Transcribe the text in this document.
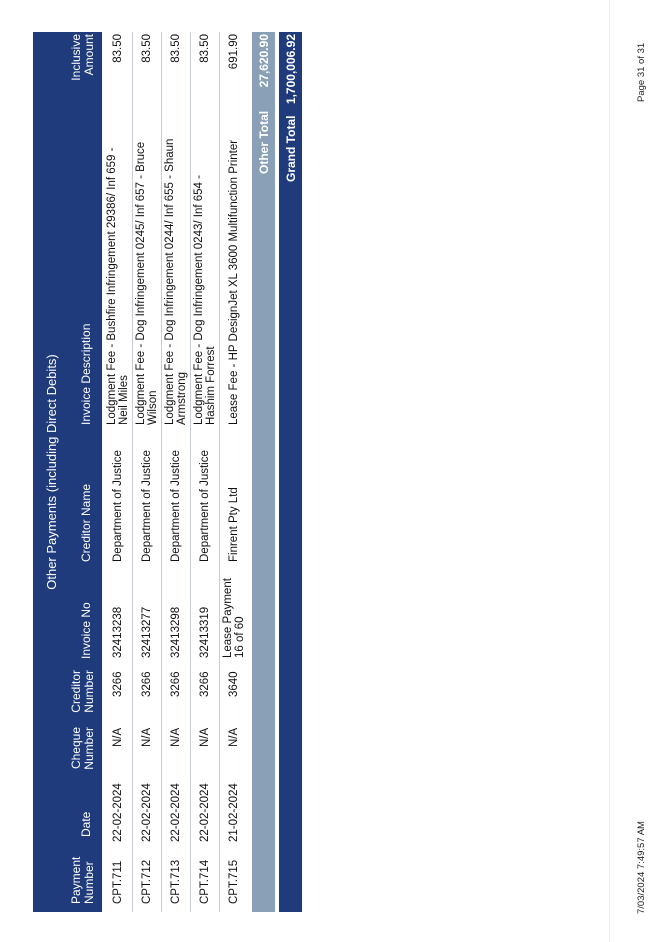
Other Payments (including Direct Debits)
Payment Number
Date
Cheque Number
Creditor Number
Invoice No
Creditor Name
Invoice Description
Inclusive Amount
CPT.711
22-02-2024
N/A
3266
32413238
Department of Justice
Lodgment Fee - Bushfire Infringement 29386/ Inf 659 - Neil Miles
83.50
CPT.712
22-02-2024
N/A
3266
32413277
Department of Justice
Lodgment Fee - Dog Infringement 0245/ Inf 657 - Bruce Wilson
83.50
CPT.713
22-02-2024
N/A
3266
32413298
Department of Justice
Lodgment Fee - Dog Infringement 0244/ Inf 655 - Shaun Armstrong
83.50
CPT.714
22-02-2024
N/A
3266
32413319
Department of Justice
Lodgment Fee - Dog Infringement 0243/ Inf 654 - Hashim Forrest
83.50
CPT.715
21-02-2024
N/A
3640
Lease Payment 16 of 60
Finrent Pty Ltd
Lease Fee - HP DesignJet XL 3600 Multifunction Printer
691.90
Other Total
27,620.90
Grand Total
1,700,006.92
7/03/2024 7:49:57 AM
Page 31 of 31
